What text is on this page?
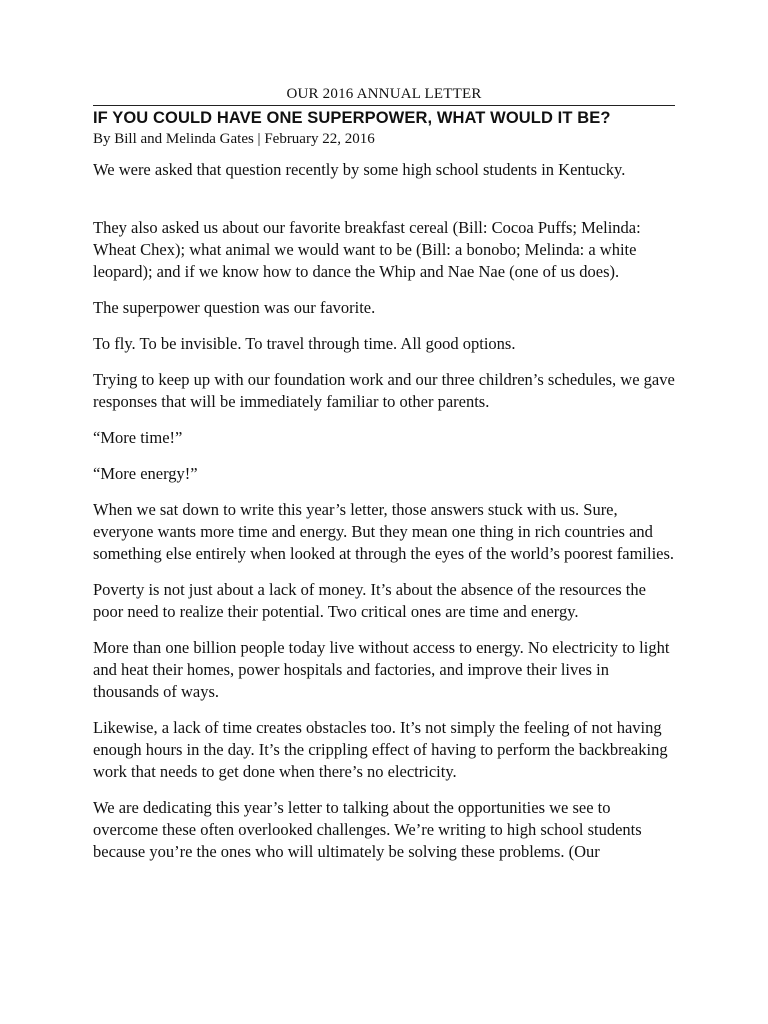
OUR 2016 ANNUAL LETTER
IF YOU COULD HAVE ONE SUPERPOWER, WHAT WOULD IT BE?
By Bill and Melinda Gates | February 22, 2016

We were asked that question recently by some high school students in Kentucky.

They also asked us about our favorite breakfast cereal (Bill: Cocoa Puffs; Melinda: Wheat Chex); what animal we would want to be (Bill: a bonobo; Melinda: a white leopard); and if we know how to dance the Whip and Nae Nae (one of us does).

The superpower question was our favorite.

To fly. To be invisible. To travel through time. All good options.

Trying to keep up with our foundation work and our three children’s schedules, we gave responses that will be immediately familiar to other parents.

“More time!”

“More energy!”

When we sat down to write this year’s letter, those answers stuck with us. Sure, everyone wants more time and energy. But they mean one thing in rich countries and something else entirely when looked at through the eyes of the world’s poorest families.

Poverty is not just about a lack of money. It’s about the absence of the resources the poor need to realize their potential. Two critical ones are time and energy.

More than one billion people today live without access to energy. No electricity to light and heat their homes, power hospitals and factories, and improve their lives in thousands of ways.

Likewise, a lack of time creates obstacles too. It’s not simply the feeling of not having enough hours in the day. It’s the crippling effect of having to perform the backbreaking work that needs to get done when there’s no electricity.

We are dedicating this year’s letter to talking about the opportunities we see to overcome these often overlooked challenges. We’re writing to high school students because you’re the ones who will ultimately be solving these problems. (Our
